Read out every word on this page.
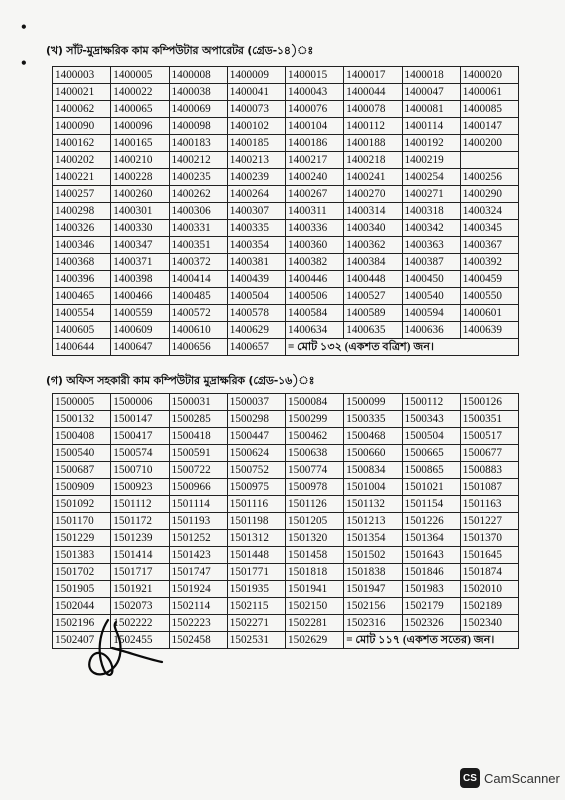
•
•
(খ) সাঁট-মুদ্রাক্ষরিক কাম কম্পিউটার অপারেটর (গ্রেড-১৪)ঃ
1400003	1400005	1400008	1400009	1400015	1400017	1400018	1400020
1400021	1400022	1400038	1400041	1400043	1400044	1400047	1400061
1400062	1400065	1400069	1400073	1400076	1400078	1400081	1400085
1400090	1400096	1400098	1400102	1400104	1400112	1400114	1400147
1400162	1400165	1400183	1400185	1400186	1400188	1400192	1400200
1400202	1400210	1400212	1400213	1400217	1400218	1400219	
1400221	1400228	1400235	1400239	1400240	1400241	1400254	1400256
1400257	1400260	1400262	1400264	1400267	1400270	1400271	1400290
1400298	1400301	1400306	1400307	1400311	1400314	1400318	1400324
1400326	1400330	1400331	1400335	1400336	1400340	1400342	1400345
1400346	1400347	1400351	1400354	1400360	1400362	1400363	1400367
1400368	1400371	1400372	1400381	1400382	1400384	1400387	1400392
1400396	1400398	1400414	1400439	1400446	1400448	1400450	1400459
1400465	1400466	1400485	1400504	1400506	1400527	1400540	1400550
1400554	1400559	1400572	1400578	1400584	1400589	1400594	1400601
1400605	1400609	1400610	1400629	1400634	1400635	1400636	1400639
1400644	1400647	1400656	1400657	= মোট ১৩২ (একশত বত্রিশ) জন।			
(গ) অফিস সহকারী কাম কম্পিউটার মুদ্রাক্ষরিক (গ্রেড-১৬)ঃ
1500005	1500006	1500031	1500037	1500084	1500099	1500112	1500126
1500132	1500147	1500285	1500298	1500299	1500335	1500343	1500351
1500408	1500417	1500418	1500447	1500462	1500468	1500504	1500517
1500540	1500574	1500591	1500624	1500638	1500660	1500665	1500677
1500687	1500710	1500722	1500752	1500774	1500834	1500865	1500883
1500909	1500923	1500966	1500975	1500978	1501004	1501021	1501087
1501092	1501112	1501114	1501116	1501126	1501132	1501154	1501163
1501170	1501172	1501193	1501198	1501205	1501213	1501226	1501227
1501229	1501239	1501252	1501312	1501320	1501354	1501364	1501370
1501383	1501414	1501423	1501448	1501458	1501502	1501643	1501645
1501702	1501717	1501747	1501771	1501818	1501838	1501846	1501874
1501905	1501921	1501924	1501935	1501941	1501947	1501983	1502010
1502044	1502073	1502114	1502115	1502150	1502156	1502179	1502189
1502196	1502222	1502223	1502271	1502281	1502316	1502326	1502340
1502407	1502455	1502458	1502531	1502629	= মোট ১১৭ (একশত সতের) জন।		
CS CamScanner
